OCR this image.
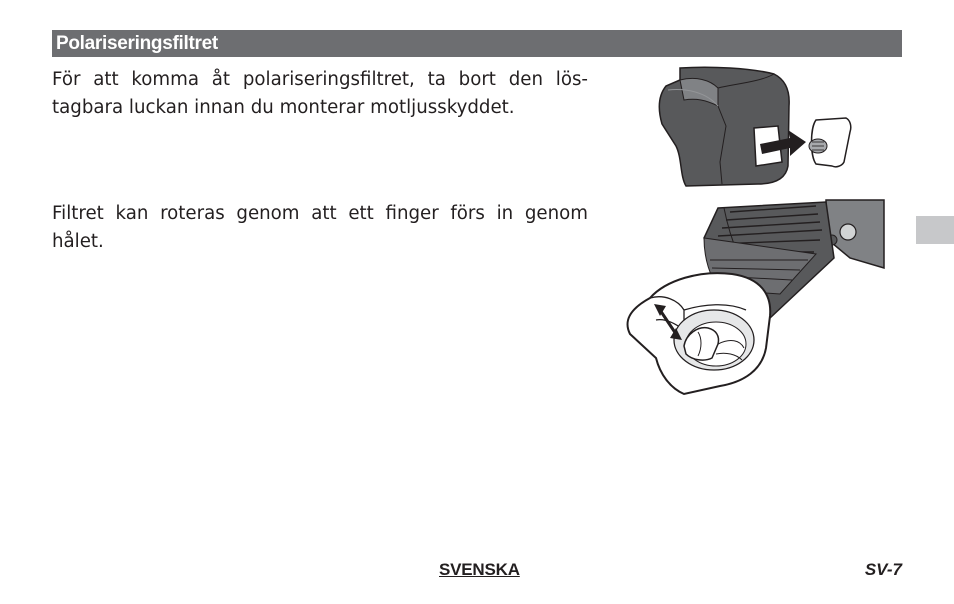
Polariseringsfiltret

För att komma åt polariseringsfiltret, ta bort den lös-tagbara luckan innan du monterar motljusskyddet.

Filtret kan roteras genom att ett finger förs in genom hålet.

SVENSKA	SV-7
